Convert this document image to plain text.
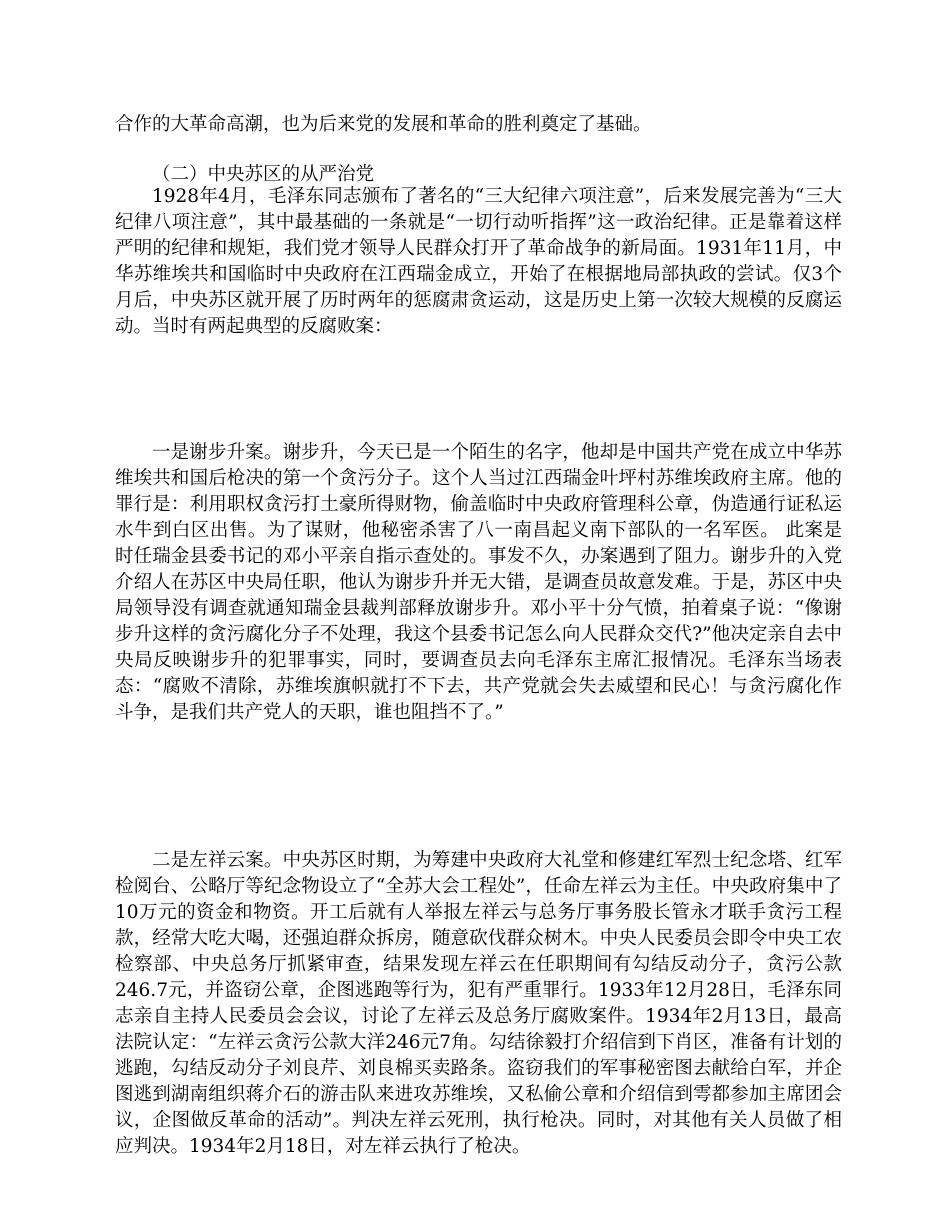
合作的大革命高潮，也为后来党的发展和革命的胜利奠定了基础。

（二）中央苏区的从严治党

1928年4月，毛泽东同志颁布了著名的“三大纪律六项注意”，后来发展完善为“三大纪律八项注意”，其中最基础的一条就是“一切行动听指挥”这一政治纪律。正是靠着这样严明的纪律和规矩，我们党才领导人民群众打开了革命战争的新局面。1931年11月，中华苏维埃共和国临时中央政府在江西瑞金成立，开始了在根据地局部执政的尝试。仅3个月后，中央苏区就开展了历时两年的惩腐肃贪运动，这是历史上第一次较大规模的反腐运动。当时有两起典型的反腐败案：

一是谢步升案。谢步升，今天已是一个陌生的名字，他却是中国共产党在成立中华苏维埃共和国后枪决的第一个贪污分子。这个人当过江西瑞金叶坪村苏维埃政府主席。他的罪行是：利用职权贪污打土豪所得财物，偷盖临时中央政府管理科公章，伪造通行证私运水牛到白区出售。为了谋财，他秘密杀害了八一南昌起义南下部队的一名军医。 此案是时任瑞金县委书记的邓小平亲自指示查处的。事发不久，办案遇到了阻力。谢步升的入党介绍人在苏区中央局任职，他认为谢步升并无大错，是调查员故意发难。于是，苏区中央局领导没有调查就通知瑞金县裁判部释放谢步升。邓小平十分气愤，拍着桌子说：“像谢步升这样的贪污腐化分子不处理，我这个县委书记怎么向人民群众交代?”他决定亲自去中央局反映谢步升的犯罪事实，同时，要调查员去向毛泽东主席汇报情况。毛泽东当场表态：“腐败不清除，苏维埃旗帜就打不下去，共产党就会失去威望和民心！与贪污腐化作斗争，是我们共产党人的天职，谁也阻挡不了。”

二是左祥云案。中央苏区时期，为筹建中央政府大礼堂和修建红军烈士纪念塔、红军检阅台、公略厅等纪念物设立了“全苏大会工程处”，任命左祥云为主任。中央政府集中了10万元的资金和物资。开工后就有人举报左祥云与总务厅事务股长管永才联手贪污工程款，经常大吃大喝，还强迫群众拆房，随意砍伐群众树木。中央人民委员会即令中央工农检察部、中央总务厅抓紧审查，结果发现左祥云在任职期间有勾结反动分子，贪污公款246.7元，并盗窃公章，企图逃跑等行为，犯有严重罪行。1933年12月28日，毛泽东同志亲自主持人民委员会会议，讨论了左祥云及总务厅腐败案件。1934年2月13日，最高法院认定：“左祥云贪污公款大洋246元7角。勾结徐毅打介绍信到下肖区，准备有计划的逃跑，勾结反动分子刘良芹、刘良棉买卖路条。盗窃我们的军事秘密图去献给白军，并企图逃到湖南组织蒋介石的游击队来进攻苏维埃，又私偷公章和介绍信到雩都参加主席团会议，企图做反革命的活动”。判决左祥云死刑，执行枪决。同时，对其他有关人员做了相应判决。1934年2月18日，对左祥云执行了枪决。
